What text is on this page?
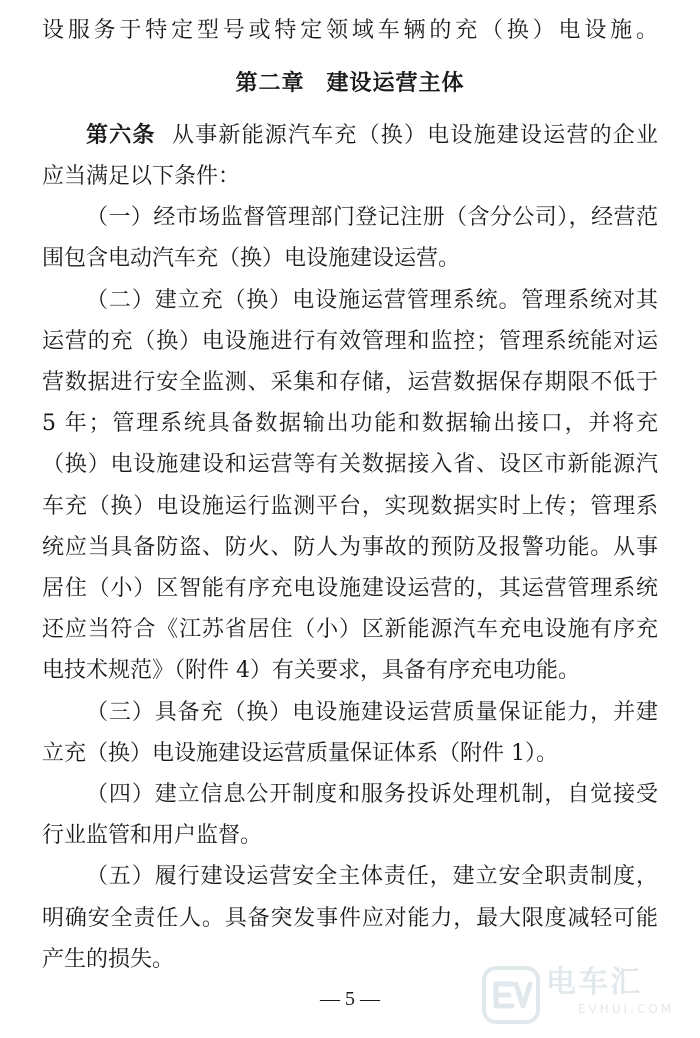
设服务于特定型号或特定领域车辆的充（换）电设施。
第二章 建设运营主体
第六条 从事新能源汽车充（换）电设施建设运营的企业
应当满足以下条件：
（一）经市场监督管理部门登记注册（含分公司），经营范
围包含电动汽车充（换）电设施建设运营。
（二）建立充（换）电设施运营管理系统。管理系统对其
运营的充（换）电设施进行有效管理和监控；管理系统能对运
营数据进行安全监测、采集和存储，运营数据保存期限不低于
5 年；管理系统具备数据输出功能和数据输出接口，并将充
（换）电设施建设和运营等有关数据接入省、设区市新能源汽
车充（换）电设施运行监测平台，实现数据实时上传；管理系
统应当具备防盗、防火、防人为事故的预防及报警功能。从事
居住（小）区智能有序充电设施建设运营的，其运营管理系统
还应当符合《江苏省居住（小）区新能源汽车充电设施有序充
电技术规范》（附件 4）有关要求，具备有序充电功能。
（三）具备充（换）电设施建设运营质量保证能力，并建
立充（换）电设施建设运营质量保证体系（附件 1）。
（四）建立信息公开制度和服务投诉处理机制，自觉接受
行业监管和用户监督。
（五）履行建设运营安全主体责任，建立安全职责制度，
明确安全责任人。具备突发事件应对能力，最大限度减轻可能
产生的损失。
— 5 —	电车汇
EVHUI.COM
